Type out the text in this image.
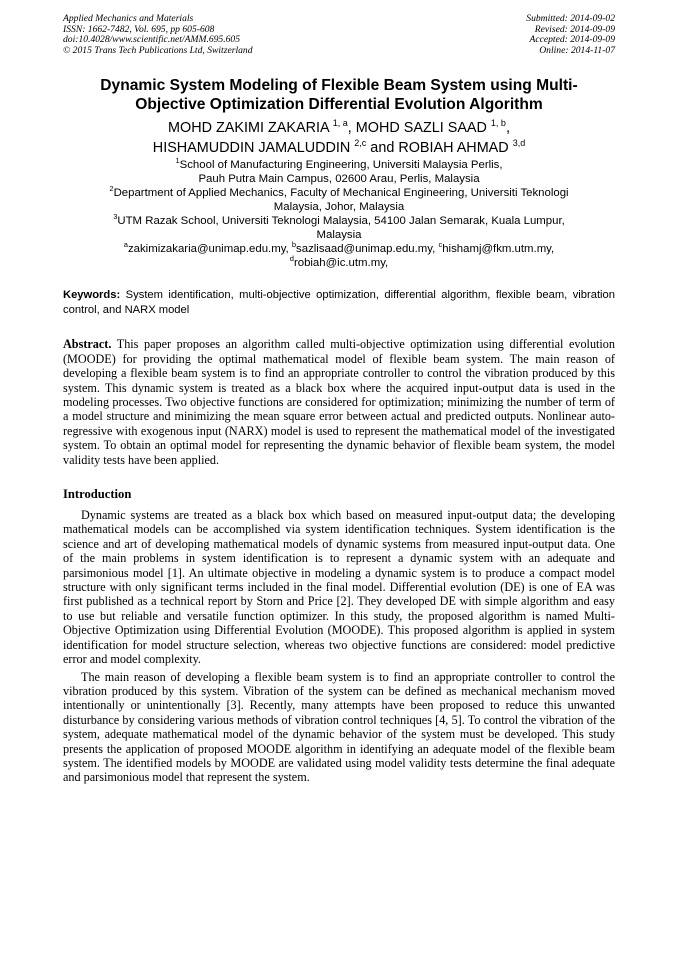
Applied Mechanics and Materials
ISSN: 1662-7482, Vol. 695, pp 605-608
doi:10.4028/www.scientific.net/AMM.695.605
© 2015 Trans Tech Publications Ltd, Switzerland
Submitted: 2014-09-02
Revised: 2014-09-09
Accepted: 2014-09-09
Online: 2014-11-07
Dynamic System Modeling of Flexible Beam System using Multi-
Objective Optimization Differential Evolution Algorithm
MOHD ZAKIMI ZAKARIA $^{1, a}$, MOHD SAZLI SAAD $^{1, b}$,
HISHAMUDDIN JAMALUDDIN $^{2,c}$ and ROBIAH AHMAD $^{3,d}$
$^1$School of Manufacturing Engineering, Universiti Malaysia Perlis,
Pauh Putra Main Campus, 02600 Arau, Perlis, Malaysia
$^2$Department of Applied Mechanics, Faculty of Mechanical Engineering, Universiti Teknologi
Malaysia, Johor, Malaysia
$^3$UTM Razak School, Universiti Teknologi Malaysia, 54100 Jalan Semarak, Kuala Lumpur,
Malaysia
$^a$zakimizakaria@unimap.edu.my, $^b$sazlisaad@unimap.edu.my, $^c$hishamj@fkm.utm.my,
$^d$robiah@ic.utm.my,
Keywords: System identification, multi-objective optimization, differential algorithm, flexible beam, vibration control, and NARX model
Abstract. This paper proposes an algorithm called multi-objective optimization using differential evolution (MOODE) for providing the optimal mathematical model of flexible beam system. The main reason of developing a flexible beam system is to find an appropriate controller to control the vibration produced by this system. This dynamic system is treated as a black box where the acquired input-output data is used in the modeling processes. Two objective functions are considered for optimization; minimizing the number of term of a model structure and minimizing the mean square error between actual and predicted outputs. Nonlinear auto-regressive with exogenous input (NARX) model is used to represent the mathematical model of the investigated system. To obtain an optimal model for representing the dynamic behavior of flexible beam system, the model validity tests have been applied.
Introduction
Dynamic systems are treated as a black box which based on measured input-output data; the developing mathematical models can be accomplished via system identification techniques. System identification is the science and art of developing mathematical models of dynamic systems from measured input-output data. One of the main problems in system identification is to represent a dynamic system with an adequate and parsimonious model [1]. An ultimate objective in modeling a dynamic system is to produce a compact model structure with only significant terms included in the final model. Differential evolution (DE) is one of EA was first published as a technical report by Storn and Price [2]. They developed DE with simple algorithm and easy to use but reliable and versatile function optimizer. In this study, the proposed algorithm is named Multi-Objective Optimization using Differential Evolution (MOODE). This proposed algorithm is applied in system identification for model structure selection, whereas two objective functions are considered: model predictive error and model complexity.
The main reason of developing a flexible beam system is to find an appropriate controller to control the vibration produced by this system. Vibration of the system can be defined as mechanical mechanism moved intentionally or unintentionally [3]. Recently, many attempts have been proposed to reduce this unwanted disturbance by considering various methods of vibration control techniques [4, 5]. To control the vibration of the system, adequate mathematical model of the dynamic behavior of the system must be developed. This study presents the application of proposed MOODE algorithm in identifying an adequate model of the flexible beam system. The identified models by MOODE are validated using model validity tests determine the final adequate and parsimonious model that represent the system.
